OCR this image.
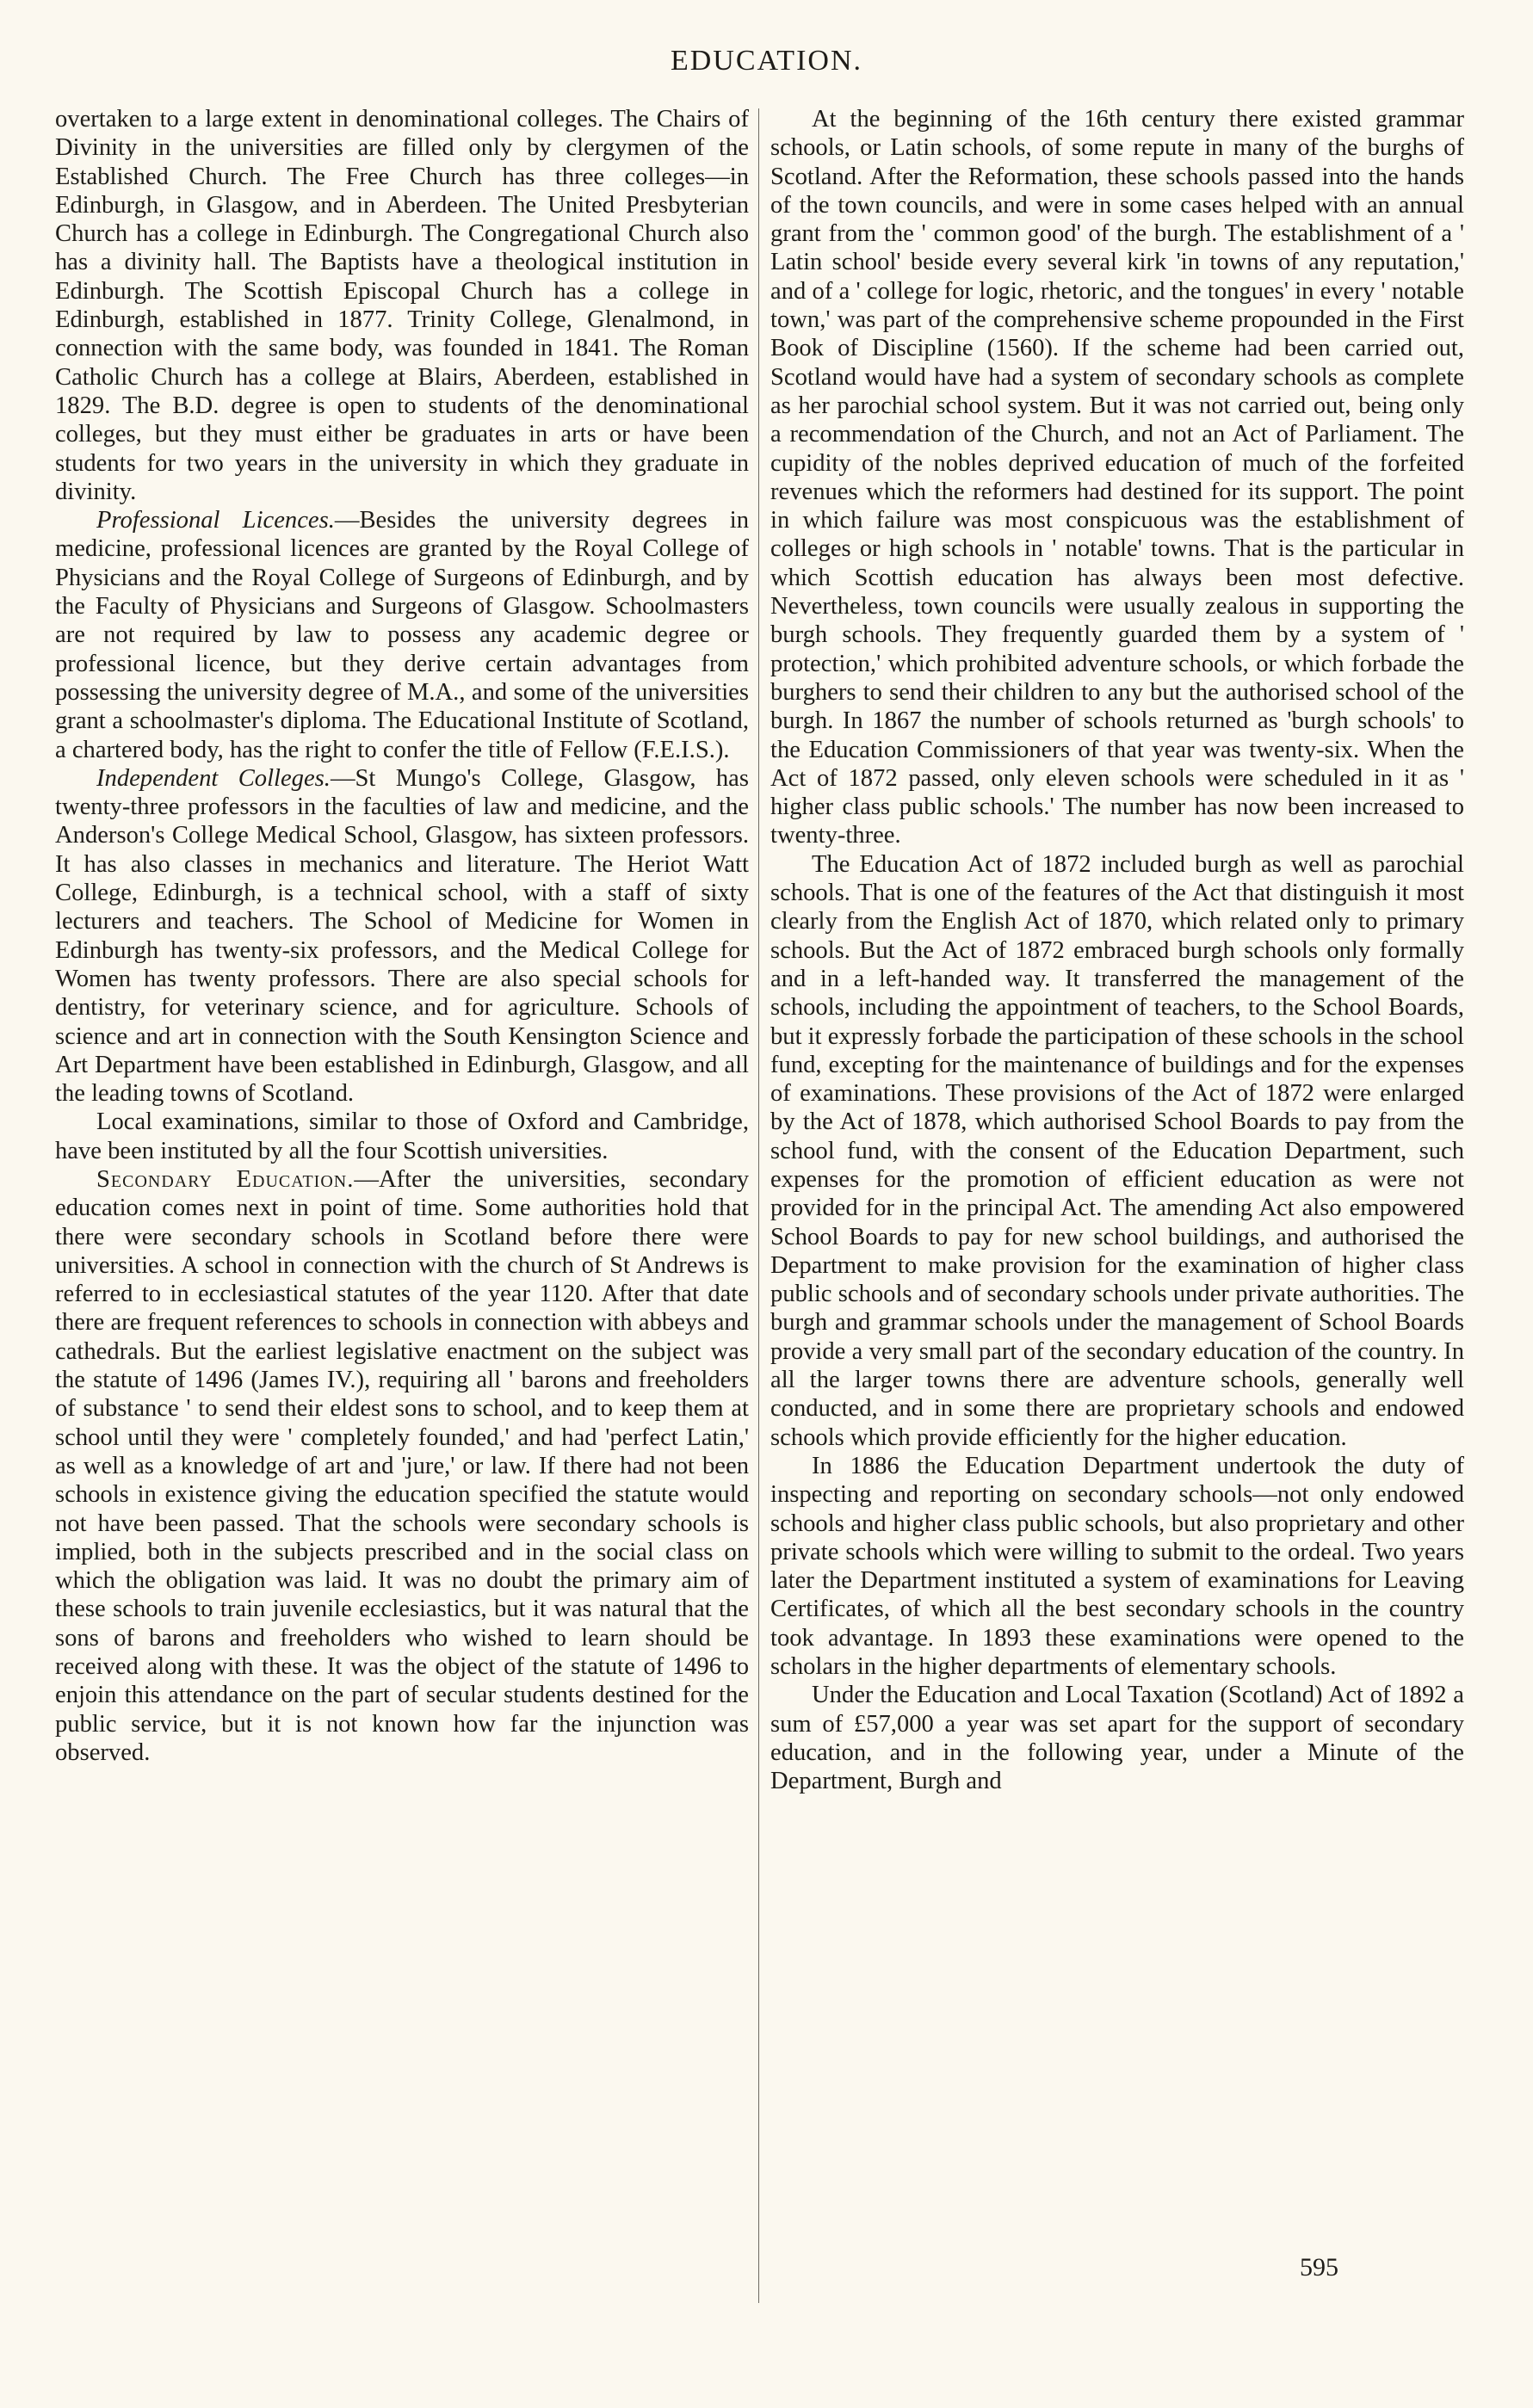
EDUCATION.

overtaken to a large extent in denominational colleges. The Chairs of Divinity in the universities are filled only by clergymen of the Established Church. The Free Church has three colleges—in Edinburgh, in Glasgow, and in Aberdeen. The United Presbyterian Church has a college in Edinburgh. The Congregational Church also has a divinity hall. The Baptists have a theological institution in Edinburgh. The Scottish Episcopal Church has a college in Edinburgh, established in 1877. Trinity College, Glenalmond, in connection with the same body, was founded in 1841. The Roman Catholic Church has a college at Blairs, Aberdeen, established in 1829. The B.D. degree is open to students of the denominational colleges, but they must either be graduates in arts or have been students for two years in the university in which they graduate in divinity.

Professional Licences.—Besides the university degrees in medicine, professional licences are granted by the Royal College of Physicians and the Royal College of Surgeons of Edinburgh, and by the Faculty of Physicians and Surgeons of Glasgow. Schoolmasters are not required by law to possess any academic degree or professional licence, but they derive certain advantages from possessing the university degree of M.A., and some of the universities grant a schoolmaster's diploma. The Educational Institute of Scotland, a chartered body, has the right to confer the title of Fellow (F.E.I.S.).

Independent Colleges.—St Mungo's College, Glasgow, has twenty-three professors in the faculties of law and medicine, and the Anderson's College Medical School, Glasgow, has sixteen professors. It has also classes in mechanics and literature. The Heriot Watt College, Edinburgh, is a technical school, with a staff of sixty lecturers and teachers. The School of Medicine for Women in Edinburgh has twenty-six professors, and the Medical College for Women has twenty professors. There are also special schools for dentistry, for veterinary science, and for agriculture. Schools of science and art in connection with the South Kensington Science and Art Department have been established in Edinburgh, Glasgow, and all the leading towns of Scotland.

Local examinations, similar to those of Oxford and Cambridge, have been instituted by all the four Scottish universities.

Secondary Education.—After the universities, secondary education comes next in point of time. Some authorities hold that there were secondary schools in Scotland before there were universities. A school in connection with the church of St Andrews is referred to in ecclesiastical statutes of the year 1120. After that date there are frequent references to schools in connection with abbeys and cathedrals. But the earliest legislative enactment on the subject was the statute of 1496 (James IV.), requiring all ' barons and freeholders of substance ' to send their eldest sons to school, and to keep them at school until they were ' completely founded,' and had 'perfect Latin,' as well as a knowledge of art and 'jure,' or law. If there had not been schools in existence giving the education specified the statute would not have been passed. That the schools were secondary schools is implied, both in the subjects prescribed and in the social class on which the obligation was laid. It was no doubt the primary aim of these schools to train juvenile ecclesiastics, but it was natural that the sons of barons and freeholders who wished to learn should be received along with these. It was the object of the statute of 1496 to enjoin this attendance on the part of secular students destined for the public service, but it is not known how far the injunction was observed.

At the beginning of the 16th century there existed grammar schools, or Latin schools, of some repute in many of the burghs of Scotland. After the Reformation, these schools passed into the hands of the town councils, and were in some cases helped with an annual grant from the ' common good' of the burgh. The establishment of a ' Latin school' beside every several kirk 'in towns of any reputation,' and of a ' college for logic, rhetoric, and the tongues' in every ' notable town,' was part of the comprehensive scheme propounded in the First Book of Discipline (1560). If the scheme had been carried out, Scotland would have had a system of secondary schools as complete as her parochial school system. But it was not carried out, being only a recommendation of the Church, and not an Act of Parliament. The cupidity of the nobles deprived education of much of the forfeited revenues which the reformers had destined for its support. The point in which failure was most conspicuous was the establishment of colleges or high schools in ' notable' towns. That is the particular in which Scottish education has always been most defective. Nevertheless, town councils were usually zealous in supporting the burgh schools. They frequently guarded them by a system of ' protection,' which prohibited adventure schools, or which forbade the burghers to send their children to any but the authorised school of the burgh. In 1867 the number of schools returned as 'burgh schools' to the Education Commissioners of that year was twenty-six. When the Act of 1872 passed, only eleven schools were scheduled in it as ' higher class public schools.' The number has now been increased to twenty-three.

The Education Act of 1872 included burgh as well as parochial schools. That is one of the features of the Act that distinguish it most clearly from the English Act of 1870, which related only to primary schools. But the Act of 1872 embraced burgh schools only formally and in a left-handed way. It transferred the management of the schools, including the appointment of teachers, to the School Boards, but it expressly forbade the participation of these schools in the school fund, excepting for the maintenance of buildings and for the expenses of examinations. These provisions of the Act of 1872 were enlarged by the Act of 1878, which authorised School Boards to pay from the school fund, with the consent of the Education Department, such expenses for the promotion of efficient education as were not provided for in the principal Act. The amending Act also empowered School Boards to pay for new school buildings, and authorised the Department to make provision for the examination of higher class public schools and of secondary schools under private authorities. The burgh and grammar schools under the management of School Boards provide a very small part of the secondary education of the country. In all the larger towns there are adventure schools, generally well conducted, and in some there are proprietary schools and endowed schools which provide efficiently for the higher education.

In 1886 the Education Department undertook the duty of inspecting and reporting on secondary schools—not only endowed schools and higher class public schools, but also proprietary and other private schools which were willing to submit to the ordeal. Two years later the Department instituted a system of examinations for Leaving Certificates, of which all the best secondary schools in the country took advantage. In 1893 these examinations were opened to the scholars in the higher departments of elementary schools.

Under the Education and Local Taxation (Scotland) Act of 1892 a sum of £57,000 a year was set apart for the support of secondary education, and in the following year, under a Minute of the Department, Burgh and

595
